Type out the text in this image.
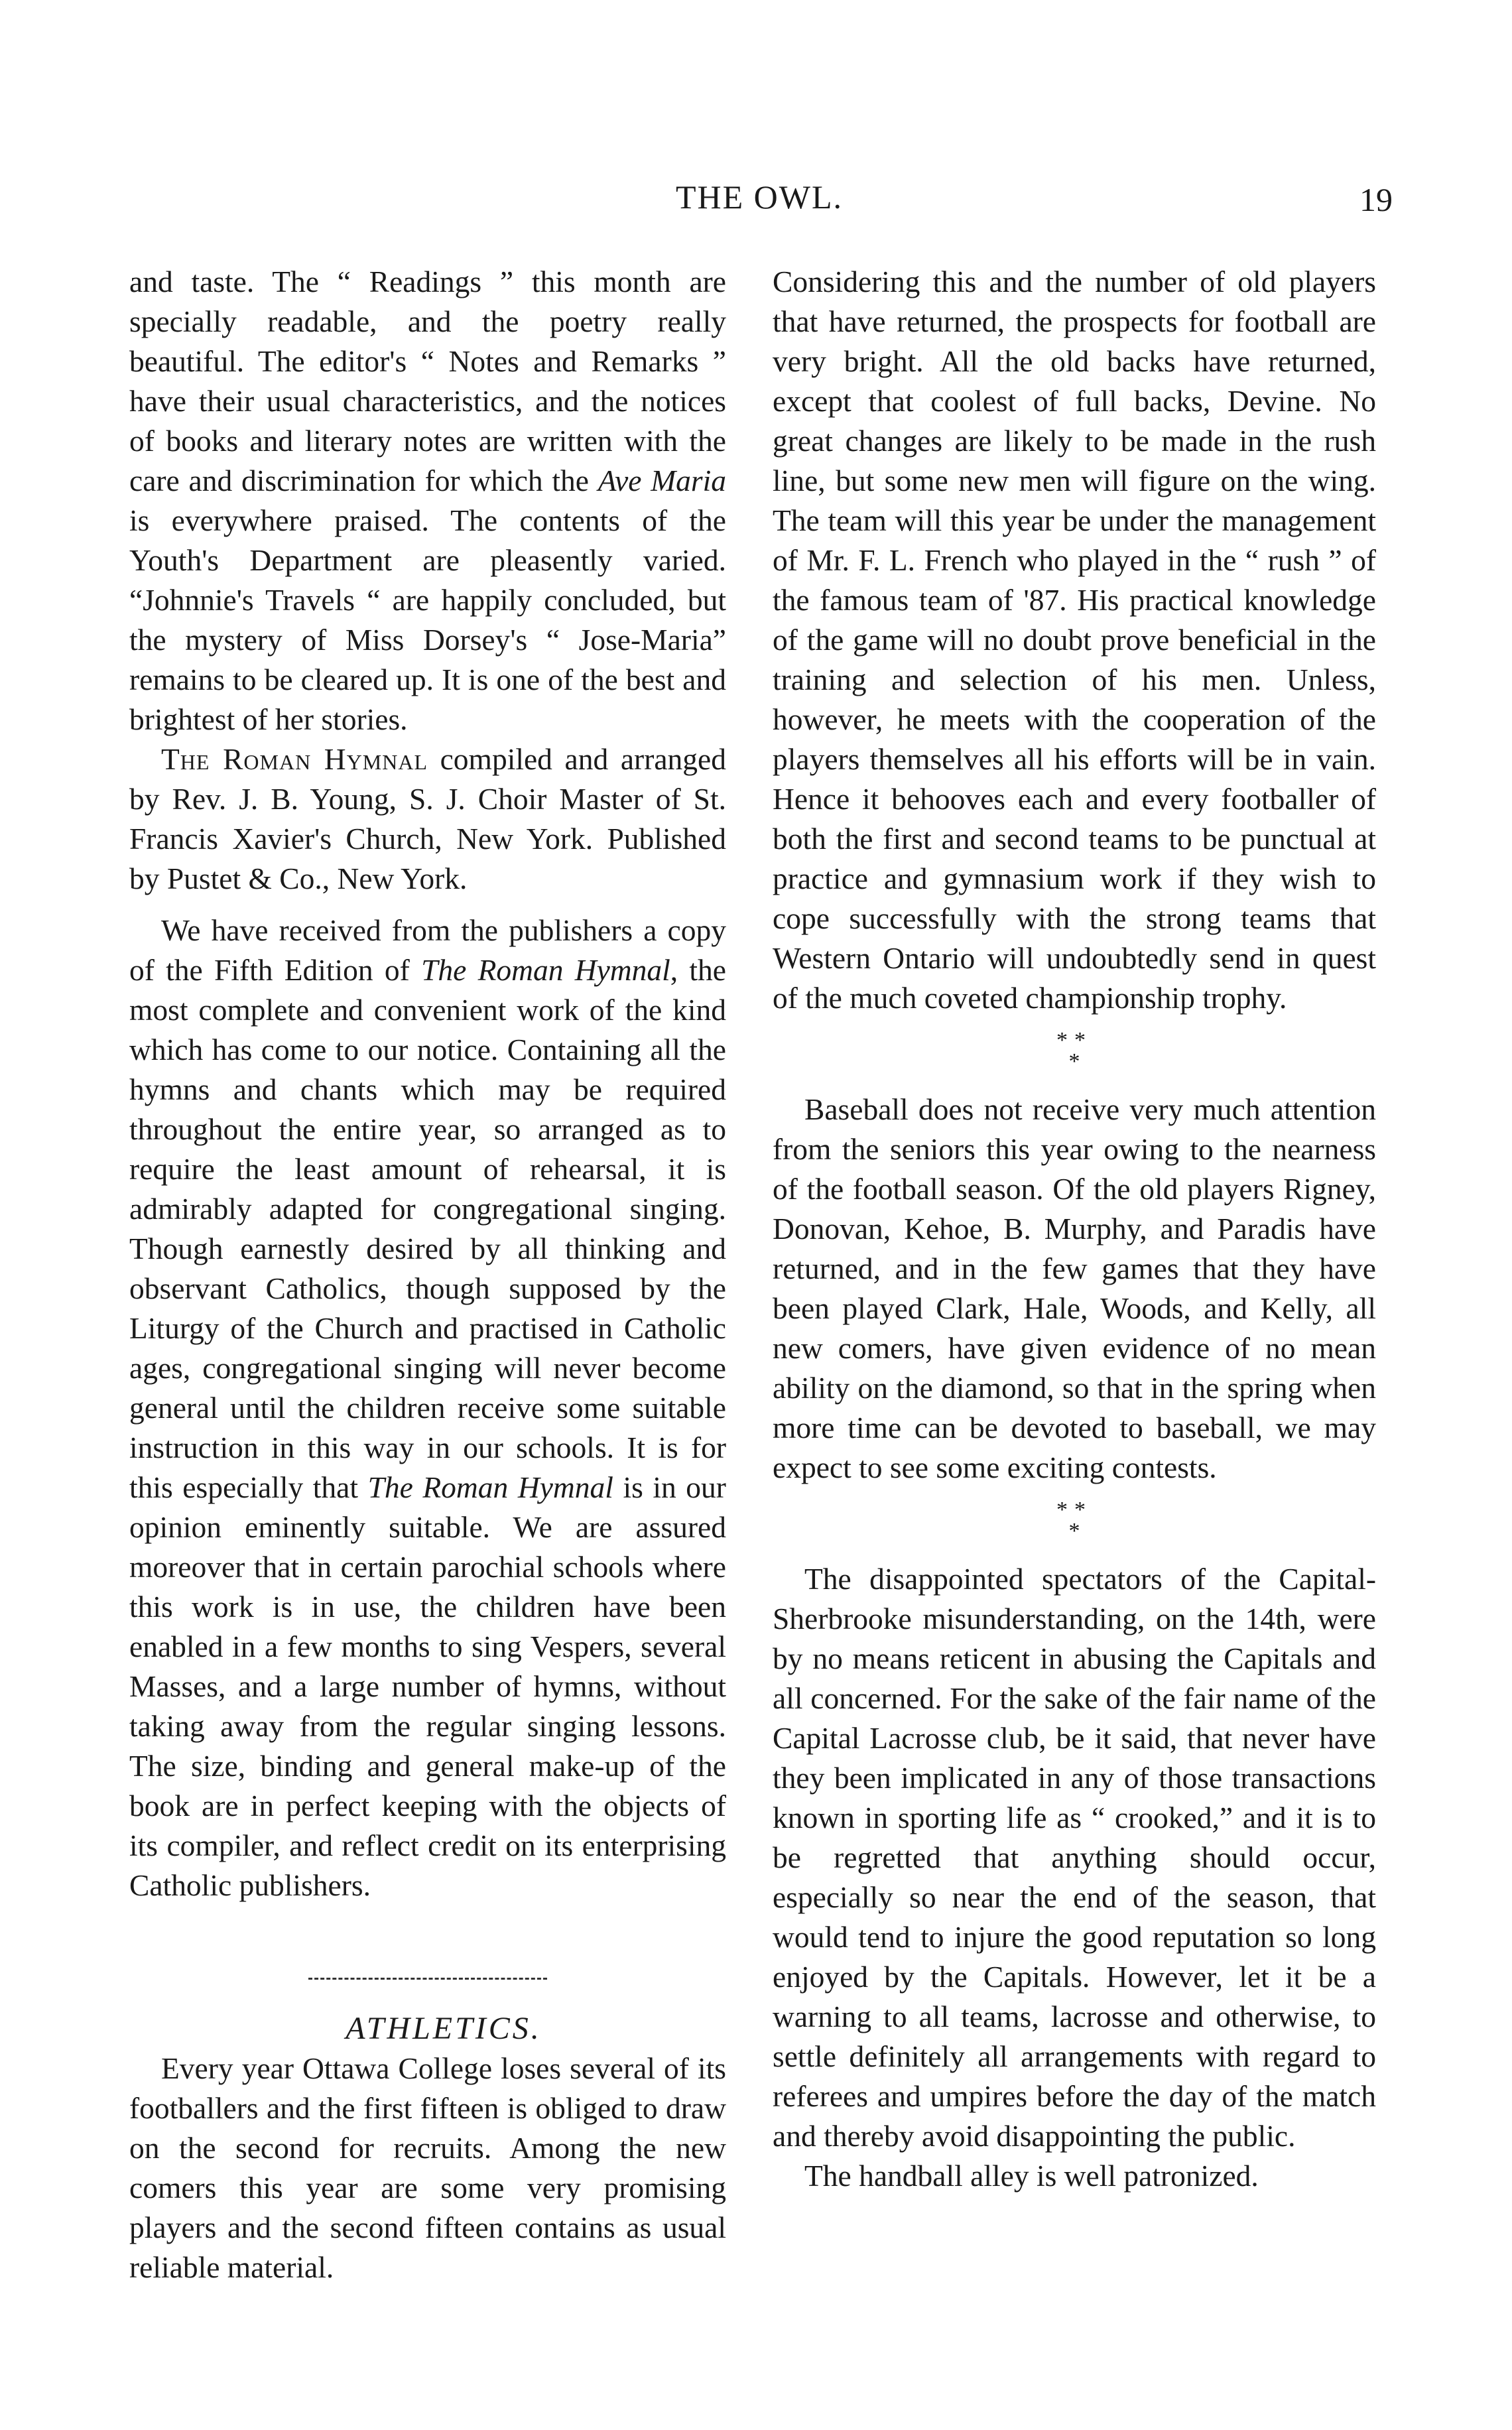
THE OWL.	19

and taste. The “ Readings ” this month are specially readable, and the poetry really beautiful. The editor's “ Notes and Remarks ” have their usual characteristics, and the notices of books and literary notes are written with the care and discrimination for which the Ave Maria is everywhere praised. The contents of the Youth's Department are pleasently varied. “Johnnie's Travels “ are happily concluded, but the mystery of Miss Dorsey's “ Jose-Maria” remains to be cleared up. It is one of the best and brightest of her stories.

The Roman Hymnal compiled and arranged by Rev. J. B. Young, S. J. Choir Master of St. Francis Xavier's Church, New York. Published by Pustet & Co., New York.

We have received from the publishers a copy of the Fifth Edition of The Roman Hymnal, the most complete and convenient work of the kind which has come to our notice. Containing all the hymns and chants which may be required throughout the entire year, so arranged as to require the least amount of rehearsal, it is admirably adapted for congregational singing. Though earnestly desired by all thinking and observant Catholics, though supposed by the Liturgy of the Church and practised in Catholic ages, congregational singing will never become general until the children receive some suitable instruction in this way in our schools. It is for this especially that The Roman Hymnal is in our opinion eminently suitable. We are assured moreover that in certain parochial schools where this work is in use, the children have been enabled in a few months to sing Vespers, several Masses, and a large number of hymns, without taking away from the regular singing lessons. The size, binding and general make-up of the book are in perfect keeping with the objects of its compiler, and reflect credit on its enterprising Catholic publishers.

ATHLETICS.

Every year Ottawa College loses several of its footballers and the first fifteen is obliged to draw on the second for recruits. Among the new comers this year are some very promising players and the second fifteen contains as usual reliable material.

Considering this and the number of old players that have returned, the prospects for football are very bright. All the old backs have returned, except that coolest of full backs, Devine. No great changes are likely to be made in the rush line, but some new men will figure on the wing. The team will this year be under the management of Mr. F. L. French who played in the “ rush ” of the famous team of '87. His practical knowledge of the game will no doubt prove beneficial in the training and selection of his men. Unless, however, he meets with the cooperation of the players themselves all his efforts will be in vain. Hence it behooves each and every footballer of both the first and second teams to be punctual at practice and gymnasium work if they wish to cope successfully with the strong teams that Western Ontario will undoubtedly send in quest of the much coveted championship trophy.

**
*

Baseball does not receive very much attention from the seniors this year owing to the nearness of the football season. Of the old players Rigney, Donovan, Kehoe, B. Murphy, and Paradis have returned, and in the few games that they have been played Clark, Hale, Woods, and Kelly, all new comers, have given evidence of no mean ability on the diamond, so that in the spring when more time can be devoted to baseball, we may expect to see some exciting contests.

**
*

The disappointed spectators of the Capital-Sherbrooke misunderstanding, on the 14th, were by no means reticent in abusing the Capitals and all concerned. For the sake of the fair name of the Capital Lacrosse club, be it said, that never have they been implicated in any of those transactions known in sporting life as “ crooked,” and it is to be regretted that anything should occur, especially so near the end of the season, that would tend to injure the good reputation so long enjoyed by the Capitals. However, let it be a warning to all teams, lacrosse and otherwise, to settle definitely all arrangements with regard to referees and umpires before the day of the match and thereby avoid disappointing the public.

The handball alley is well patronized.
